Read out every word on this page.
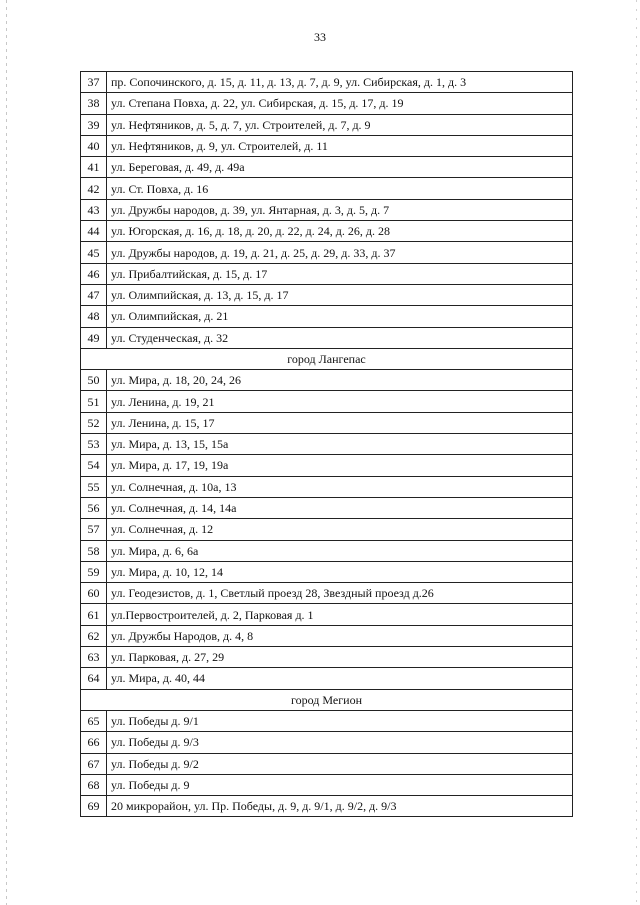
33
37	пр. Сопочинского, д. 15, д. 11, д. 13, д. 7, д. 9, ул. Сибирская, д. 1, д. 3
38	ул. Степана Повха, д. 22, ул. Сибирская, д. 15, д. 17, д. 19
39	ул. Нефтяников, д. 5, д. 7, ул. Строителей, д. 7, д. 9
40	ул. Нефтяников, д. 9, ул. Строителей, д. 11
41	ул. Береговая, д. 49, д. 49а
42	ул. Ст. Повха, д. 16
43	ул. Дружбы народов, д. 39, ул. Янтарная, д. 3, д. 5, д. 7
44	ул. Югорская, д. 16, д. 18, д. 20, д. 22, д. 24, д. 26, д. 28
45	ул. Дружбы народов, д. 19, д. 21, д. 25, д. 29, д. 33, д. 37
46	ул. Прибалтийская, д. 15, д. 17
47	ул. Олимпийская, д. 13, д. 15, д. 17
48	ул. Олимпийская, д. 21
49	ул. Студенческая, д. 32
город Лангепас	
50	ул. Мира, д. 18, 20, 24, 26
51	ул. Ленина, д. 19, 21
52	ул. Ленина, д. 15, 17
53	ул. Мира, д. 13, 15, 15а
54	ул. Мира, д. 17, 19, 19а
55	ул. Солнечная, д. 10а, 13
56	ул. Солнечная, д. 14, 14а
57	ул. Солнечная, д. 12
58	ул. Мира, д. 6, 6а
59	ул. Мира, д. 10, 12, 14
60	ул. Геодезистов, д. 1, Светлый проезд 28, Звездный проезд д.26
61	ул.Первостроителей, д. 2, Парковая д. 1
62	ул. Дружбы Народов, д. 4, 8
63	ул. Парковая, д. 27, 29
64	ул. Мира, д. 40, 44
город Мегион	
65	ул. Победы д. 9/1
66	ул. Победы д. 9/3
67	ул. Победы д. 9/2
68	ул. Победы д. 9
69	20 микрорайон, ул. Пр. Победы, д. 9, д. 9/1, д. 9/2, д. 9/3
